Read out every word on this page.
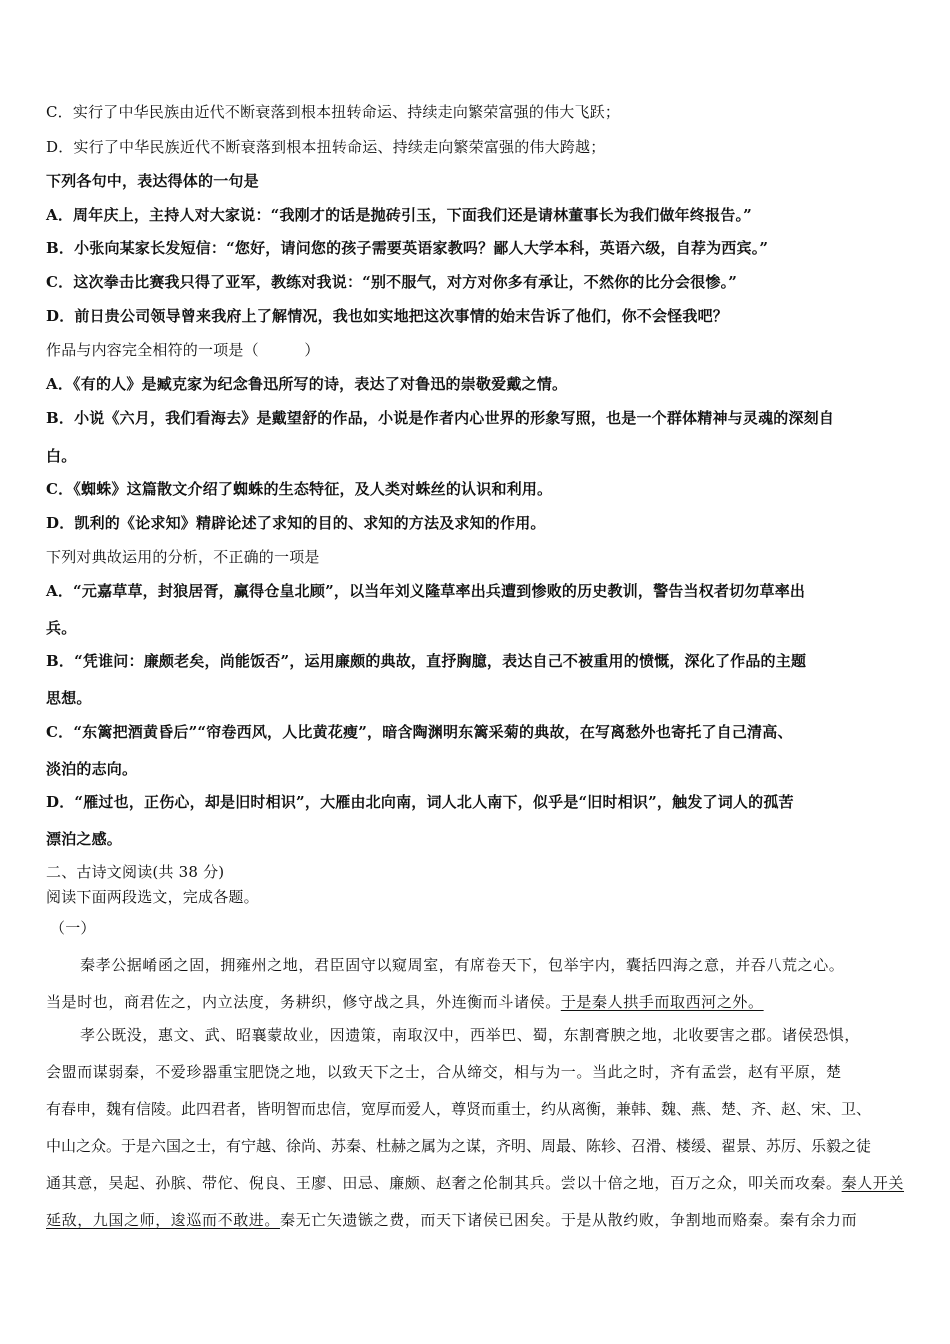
C．实行了中华民族由近代不断衰落到根本扭转命运、持续走向繁荣富强的伟大飞跃；
D．实行了中华民族近代不断衰落到根本扭转命运、持续走向繁荣富强的伟大跨越；
下列各句中，表达得体的一句是
A．周年庆上，主持人对大家说：“我刚才的话是抛砖引玉，下面我们还是请林董事长为我们做年终报告。”
B．小张向某家长发短信：“您好，请问您的孩子需要英语家教吗？鄙人大学本科，英语六级，自荐为西宾。”
C．这次拳击比赛我只得了亚军，教练对我说：“别不服气，对方对你多有承让，不然你的比分会很惨。”
D．前日贵公司领导曾来我府上了解情况，我也如实地把这次事情的始末告诉了他们，你不会怪我吧？
作品与内容完全相符的一项是（　　　）
A．《有的人》是臧克家为纪念鲁迅所写的诗，表达了对鲁迅的崇敬爱戴之情。
B．小说《六月，我们看海去》是戴望舒的作品，小说是作者内心世界的形象写照，也是一个群体精神与灵魂的深刻自
白。
C．《蜘蛛》这篇散文介绍了蜘蛛的生态特征，及人类对蛛丝的认识和利用。
D．凯利的《论求知》精辟论述了求知的目的、求知的方法及求知的作用。
下列对典故运用的分析，不正确的一项是
A．“元嘉草草，封狼居胥，赢得仓皇北顾”，以当年刘义隆草率出兵遭到惨败的历史教训，警告当权者切勿草率出
兵。
B．“凭谁问：廉颇老矣，尚能饭否”，运用廉颇的典故，直抒胸臆，表达自己不被重用的愤慨，深化了作品的主题
思想。
C．“东篱把酒黄昏后”“帘卷西风，人比黄花瘦”，暗含陶渊明东篱采菊的典故，在写离愁外也寄托了自己清高、
淡泊的志向。
D．“雁过也，正伤心，却是旧时相识”，大雁由北向南，词人北人南下，似乎是“旧时相识”，触发了词人的孤苦
漂泊之感。
二、古诗文阅读(共 38 分)
阅读下面两段选文，完成各题。
（一）
秦孝公据崤函之固，拥雍州之地，君臣固守以窥周室，有席卷天下，包举宇内，囊括四海之意，并吞八荒之心。
当是时也，商君佐之，内立法度，务耕织，修守战之具，外连衡而斗诸侯。于是秦人拱手而取西河之外。
孝公既没，惠文、武、昭襄蒙故业，因遗策，南取汉中，西举巴、蜀，东割膏腴之地，北收要害之郡。诸侯恐惧，
会盟而谋弱秦，不爱珍器重宝肥饶之地，以致天下之士，合从缔交，相与为一。当此之时，齐有孟尝，赵有平原，楚
有春申，魏有信陵。此四君者，皆明智而忠信，宽厚而爱人，尊贤而重士，约从离衡，兼韩、魏、燕、楚、齐、赵、宋、卫、
中山之众。于是六国之士，有宁越、徐尚、苏秦、杜赫之属为之谋，齐明、周最、陈轸、召滑、楼缓、翟景、苏厉、乐毅之徒
通其意，吴起、孙膑、带佗、倪良、王廖、田忌、廉颇、赵奢之伦制其兵。尝以十倍之地，百万之众，叩关而攻秦。秦人开关
延敌，九国之师，逡巡而不敢进。秦无亡矢遗镞之费，而天下诸侯已困矣。于是从散约败，争割地而赂秦。秦有余力而
